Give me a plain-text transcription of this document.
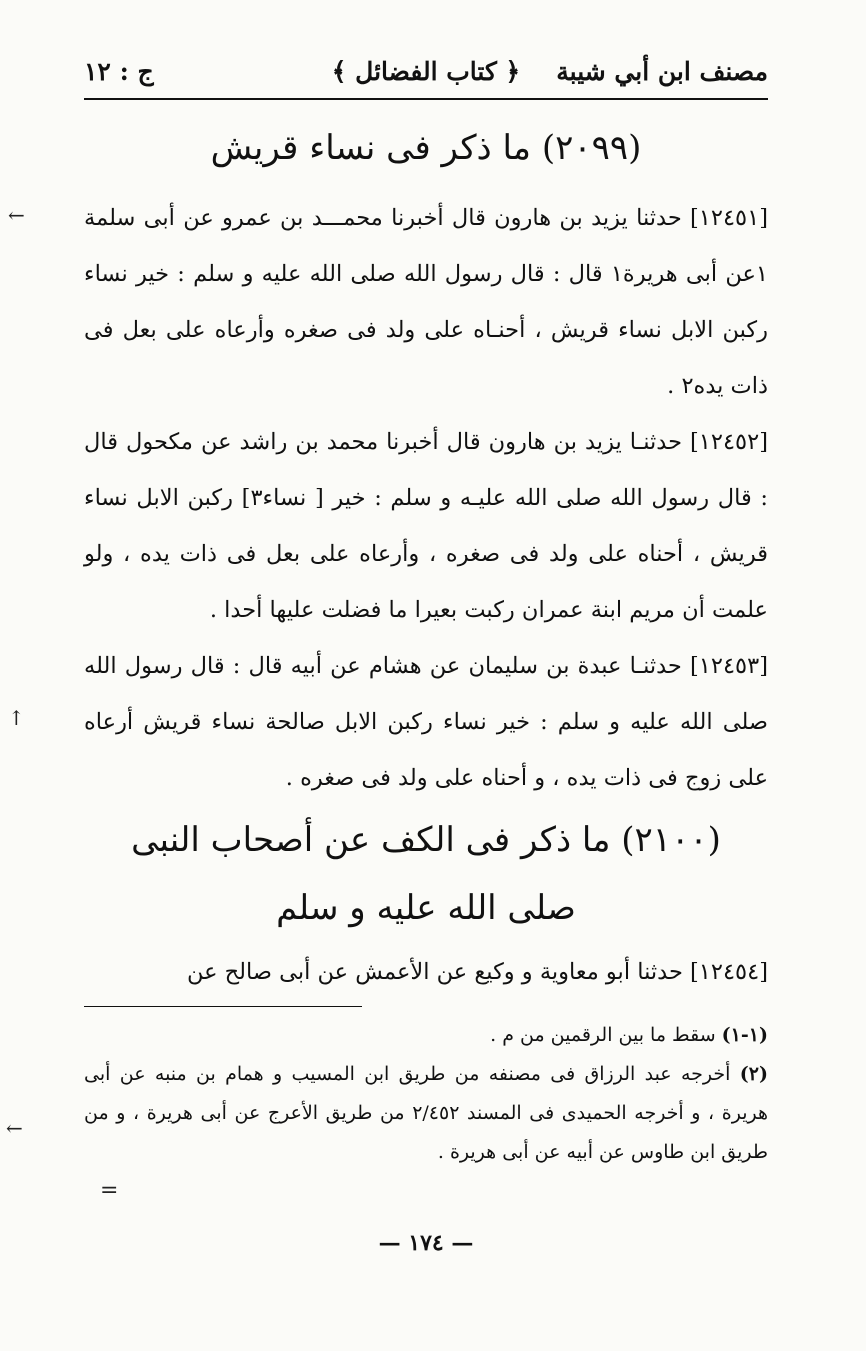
←
↑
←
=
مصنف ابن أبي شيبة
﴿ كتاب الفضائل ﴾
ج : ١٢
(٢٠٩٩) ما ذكر فى نساء قريش

[١٢٤٥١] حدثنا يزيد بن هارون قال أخبرنا محمـــد بن عمرو عن أبى سلمة ١عن أبى هريرة١ قال : قال رسول الله صلى الله عليه و سلم : خير نساء ركبن الابل نساء قريش ، أحنـاه على ولد فى صغره وأرعاه على بعل فى ذات يده٢ .

[١٢٤٥٢] حدثنـا يزيد بن هارون قال أخبرنا محمد بن راشد عن مكحول قال : قال رسول الله صلى الله عليـه و سلم : خير [ نساء٣] ركبن الابل نساء قريش ، أحناه على ولد فى صغره ، وأرعاه على بعل فى ذات يده ، ولو علمت أن مريم ابنة عمران ركبت بعيرا ما فضلت عليها أحدا .

[١٢٤٥٣] حدثنـا عبدة بن سليمان عن هشام عن أبيه قال : قال رسول الله صلى الله عليه و سلم : خير نساء ركبن الابل صالحة نساء قريش أرعاه على زوج فى ذات يده ، و أحناه على ولد فى صغره .

(٢١٠٠) ما ذكر فى الكف عن أصحاب النبى
صلى الله عليه و سلم

[١٢٤٥٤] حدثنا أبو معاوية و وكيع عن الأعمش عن أبى صالح عن

(١-١) سقط ما بين الرقمين من م .

(٢) أخرجه عبد الرزاق فى مصنفه من طريق ابن المسيب و همام بن منبه عن أبى هريرة ، و أخرجه الحميدى فى المسند ٢/٤٥٢ من طريق الأعرج عن أبى هريرة ، و من طريق ابن طاوس عن أبيه عن أبى هريرة .

— ١٧٤ —
